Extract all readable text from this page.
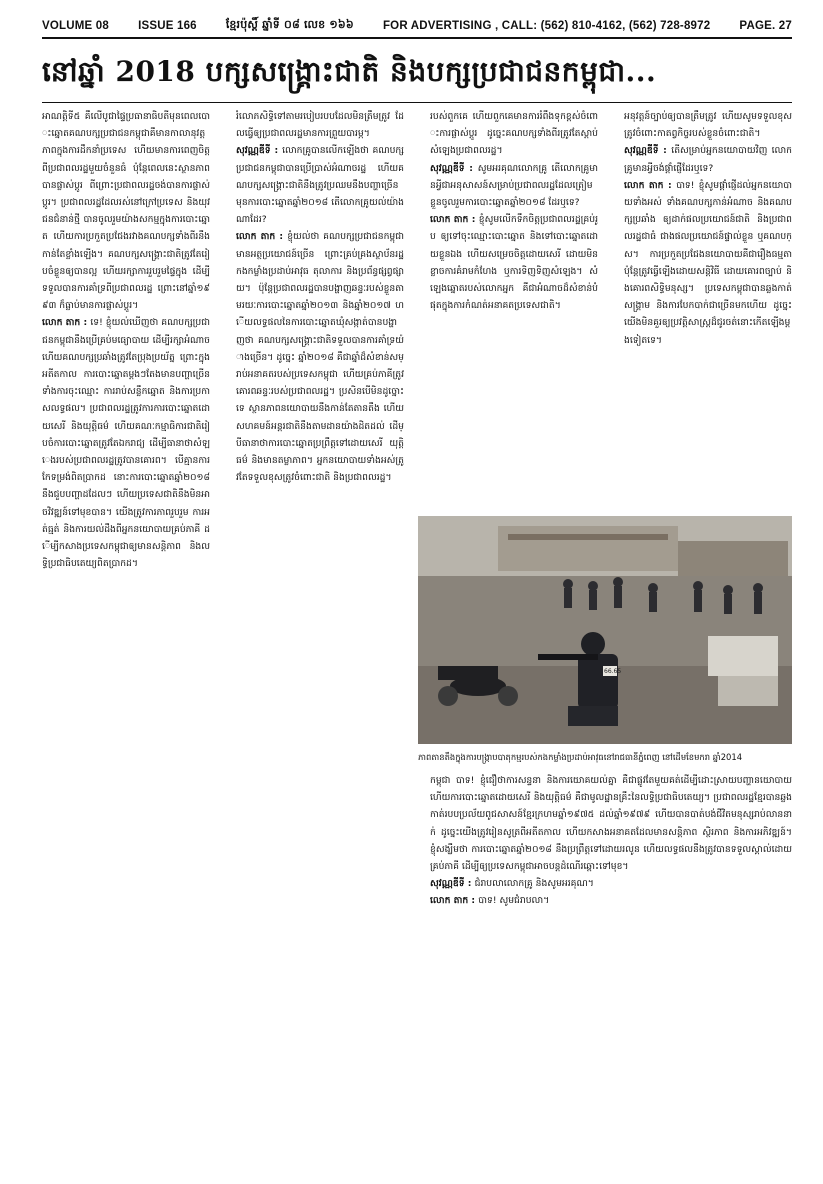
VOLUME 08	ISSUE 166	ខ្មែរប៉ុស្តិ៍ ឆ្នាំទី ០៨ លេខ ១៦៦	FOR ADVERTISING , CALL: (562) 810-4162, (562) 728-8972	PAGE. 27
នៅឆ្នាំ 2018 បក្សសង្គ្រោះជាតិ និងបក្សប្រជាជនកម្ពុជា...

អាណត្តិទី៥ គឺលើបូជាផ្ទៃប្រធានាធិបតីមុនពេលបោះឆ្នោតគណបក្សប្រជាជនកម្ពុជាគឺមានកាលានុវត្តភាពក្នុងការដឹកនាំប្រទេស ហើយមានការពេញចិត្តពីប្រជាពលរដ្ឋមួយចំនួនធំ ប៉ុន្តែពេលនេះស្ថានភាពបានផ្លាស់ប្តូរ ពីព្រោះប្រជាពលរដ្ឋចង់បានការផ្លាស់ប្តូរ។ ប្រជាពលរដ្ឋដែលរស់នៅក្រៅប្រទេស និងយុវជនជំនាន់ថ្មី បានចូលរួមយ៉ាងសកម្មក្នុងការបោះឆ្នោត ហើយការប្រកួតប្រជែងរវាងគណបក្សទាំងពីរនឹងកាន់តែខ្លាំងឡើង។ គណបក្សសង្គ្រោះជាតិត្រូវតែរៀបចំខ្លួនឲ្យបានល្អ ហើយរក្សាការរួបរួមផ្ទៃក្នុង ដើម្បីទទួលបានការគាំទ្រពីប្រជាពលរដ្ឋ ព្រោះនៅឆ្នាំ១៩៩៣ ក៏ធ្លាប់មានការផ្លាស់ប្តូរ។

លោក តាក : ទេ! ខ្ញុំយល់ឃើញថា គណបក្សប្រជាជនកម្ពុជានឹងប្រើគ្រប់មធ្យោបាយ ដើម្បីរក្សាអំណាច ហើយគណបក្សប្រឆាំងត្រូវតែប្រុងប្រយ័ត្ន ព្រោះក្នុងអតីតកាល ការបោះឆ្នោតម្តងៗតែងមានបញ្ហាច្រើន ទាំងការចុះឈ្មោះ ការរាប់សន្លឹកឆ្នោត និងការប្រកាសលទ្ធផល។ ប្រជាពលរដ្ឋត្រូវការការបោះឆ្នោតដោយសេរី និងយុត្តិធម៌ ហើយគណៈកម្មាធិការជាតិរៀបចំការបោះឆ្នោតត្រូវតែឯករាជ្យ ដើម្បីធានាថាសំឡេងរបស់ប្រជាពលរដ្ឋត្រូវបានគោរព។ បើគ្មានការកែទម្រង់ពិតប្រាកដ នោះការបោះឆ្នោតឆ្នាំ២០១៨ នឹងជួបបញ្ហាដដែលៗ ហើយប្រទេសជាតិនឹងមិនអាចវិវឌ្ឍន៍ទៅមុខបាន។ យើងត្រូវការភាពរួបរួម ការអត់ធ្មត់ និងការយល់ដឹងពីអ្នកនយោបាយគ្រប់ភាគី ដើម្បីកសាងប្រទេសកម្ពុជាឲ្យមានសន្តិភាព និងលទ្ធិប្រជាធិបតេយ្យពិតប្រាកដ។

រំលោភសិទ្ធិទៅតាមរបៀបរបបដែលមិនត្រឹមត្រូវ ដែលធ្វើឲ្យប្រជាពលរដ្ឋមានការព្រួយបារម្ភ។

សុវណ្ណឌីទី : លោកគ្រូបានលើកឡើងថា គណបក្សប្រជាជនកម្ពុជាបានប្រើប្រាស់អំណាចរដ្ឋ ហើយគណបក្សសង្គ្រោះជាតិនឹងត្រូវប្រឈមនឹងបញ្ហាច្រើនមុនការបោះឆ្នោតឆ្នាំ២០១៨ តើលោកគ្រូយល់យ៉ាងណាដែរ?

លោក តាក : ខ្ញុំយល់ថា គណបក្សប្រជាជនកម្ពុជាមានអត្ថប្រយោជន៍ច្រើន ព្រោះគ្រប់គ្រងស្ថាប័នរដ្ឋ កងកម្លាំងប្រដាប់អាវុធ តុលាការ និងប្រព័ន្ធផ្សព្វផ្សាយ។ ប៉ុន្តែប្រជាពលរដ្ឋបានបង្ហាញឆន្ទៈរបស់ខ្លួនតាមរយៈការបោះឆ្នោតឆ្នាំ២០១៣ និងឆ្នាំ២០១៧ ហើយលទ្ធផលនៃការបោះឆ្នោតឃុំសង្កាត់បានបង្ហាញថា គណបក្សសង្គ្រោះជាតិទទួលបានការគាំទ្រយ៉ាងច្រើន។ ដូច្នេះ ឆ្នាំ២០១៨ គឺជាឆ្នាំដ៏សំខាន់សម្រាប់អនាគតរបស់ប្រទេសកម្ពុជា ហើយគ្រប់ភាគីត្រូវគោរពឆន្ទៈរបស់ប្រជាពលរដ្ឋ។ ប្រសិនបើមិនដូច្នោះទេ ស្ថានភាពនយោបាយនឹងកាន់តែតានតឹង ហើយសហគមន៍អន្តរជាតិនឹងតាមដានយ៉ាងដិតដល់ ដើម្បីធានាថាការបោះឆ្នោតប្រព្រឹត្តទៅដោយសេរី យុត្តិធម៌ និងមានតម្លាភាព។ អ្នកនយោបាយទាំងអស់ត្រូវតែទទួលខុសត្រូវចំពោះជាតិ និងប្រជាពលរដ្ឋ។

របស់ពួកគេ ហើយពួកគេមានការរំពឹងទុកខ្ពស់ចំពោះការផ្លាស់ប្តូរ ដូច្នេះគណបក្សទាំងពីរត្រូវតែស្តាប់សំឡេងប្រជាពលរដ្ឋ។

សុវណ្ណឌីទី : សូមអរគុណលោកគ្រូ តើលោកគ្រូមានអ្វីជាអនុសាសន៍សម្រាប់ប្រជាពលរដ្ឋដែលត្រៀមខ្លួនចូលរួមការបោះឆ្នោតឆ្នាំ២០១៨ ដែរឬទេ?

លោក តាក : ខ្ញុំសូមលើកទឹកចិត្តប្រជាពលរដ្ឋគ្រប់រូប ឲ្យទៅចុះឈ្មោះបោះឆ្នោត និងទៅបោះឆ្នោតដោយខ្លួនឯង ហើយសម្រេចចិត្តដោយសេរី ដោយមិនខ្លាចការគំរាមកំហែង ឬការទិញទិញសំឡេង។ សំឡេងឆ្នោតរបស់លោកអ្នក គឺជាអំណាចដ៏សំខាន់បំផុតក្នុងការកំណត់អនាគតប្រទេសជាតិ។

អនុវត្តន៍ច្បាប់ឲ្យបានត្រឹមត្រូវ ហើយសូមទទួលខុសត្រូវចំពោះកាតព្វកិច្ចរបស់ខ្លួនចំពោះជាតិ។

សុវណ្ណឌីទី : តើសម្រាប់អ្នកនយោបាយវិញ លោកគ្រូមានអ្វីចង់ផ្តាំផ្ញើដែរឬទេ?

លោក តាក : បាទ! ខ្ញុំសូមផ្តាំផ្ញើដល់អ្នកនយោបាយទាំងអស់ ទាំងគណបក្សកាន់អំណាច និងគណបក្សប្រឆាំង ឲ្យដាក់ផលប្រយោជន៍ជាតិ និងប្រជាពលរដ្ឋជាធំ ជាងផលប្រយោជន៍ផ្ទាល់ខ្លួន ឬគណបក្ស។ ការប្រកួតប្រជែងនយោបាយគឺជារឿងធម្មតា ប៉ុន្តែត្រូវធ្វើឡើងដោយសន្តិវិធី ដោយគោរពច្បាប់ និងគោរពសិទ្ធិមនុស្ស។ ប្រទេសកម្ពុជាបានឆ្លងកាត់សង្គ្រាម និងការបែកបាក់ជាច្រើនមកហើយ ដូច្នេះយើងមិនគួរឲ្យប្រវត្តិសាស្ត្រដ៏ជូរចត់នោះកើតឡើងម្តងទៀតទេ។

កម្ពុជា បាទ! ខ្ញុំជឿថាការសន្ទនា និងការយោគយល់គ្នា គឺជាផ្លូវតែមួយគត់ដើម្បីដោះស្រាយបញ្ហានយោបាយ ហើយការបោះឆ្នោតដោយសេរី និងយុត្តិធម៌ គឺជាមូលដ្ឋានគ្រឹះនៃលទ្ធិប្រជាធិបតេយ្យ។ ប្រជាពលរដ្ឋខ្មែរបានឆ្លងកាត់របបប្រល័យពូជសាសន៍ខ្មែរក្រហមឆ្នាំ១៩៧៥ ដល់ឆ្នាំ១៩៧៩ ហើយបានបាត់បង់ជីវិតមនុស្សរាប់លាននាក់ ដូច្នេះយើងត្រូវរៀនសូត្រពីអតីតកាល ហើយកសាងអនាគតដែលមានសន្តិភាព ស្ថិរភាព និងការអភិវឌ្ឍន៍។ ខ្ញុំសង្ឃឹមថា ការបោះឆ្នោតឆ្នាំ២០១៨ នឹងប្រព្រឹត្តទៅដោយរលូន ហើយលទ្ធផលនឹងត្រូវបានទទួលស្គាល់ដោយគ្រប់ភាគី ដើម្បីឲ្យប្រទេសកម្ពុជាអាចបន្តដំណើរឆ្ពោះទៅមុខ។

សុវណ្ណឌីទី : ជំរាបលាលោកគ្រូ និងសូមអរគុណ។

លោក តាក : បាទ! សូមជំរាបលា។

66.65
ភាពតានតឹងក្នុងការបង្ក្រាបបាតុកម្មរបស់កងកម្លាំងប្រដាប់អាវុធនៅរាជធានីភ្នំពេញ នៅដើមខែមករា ឆ្នាំ2014
